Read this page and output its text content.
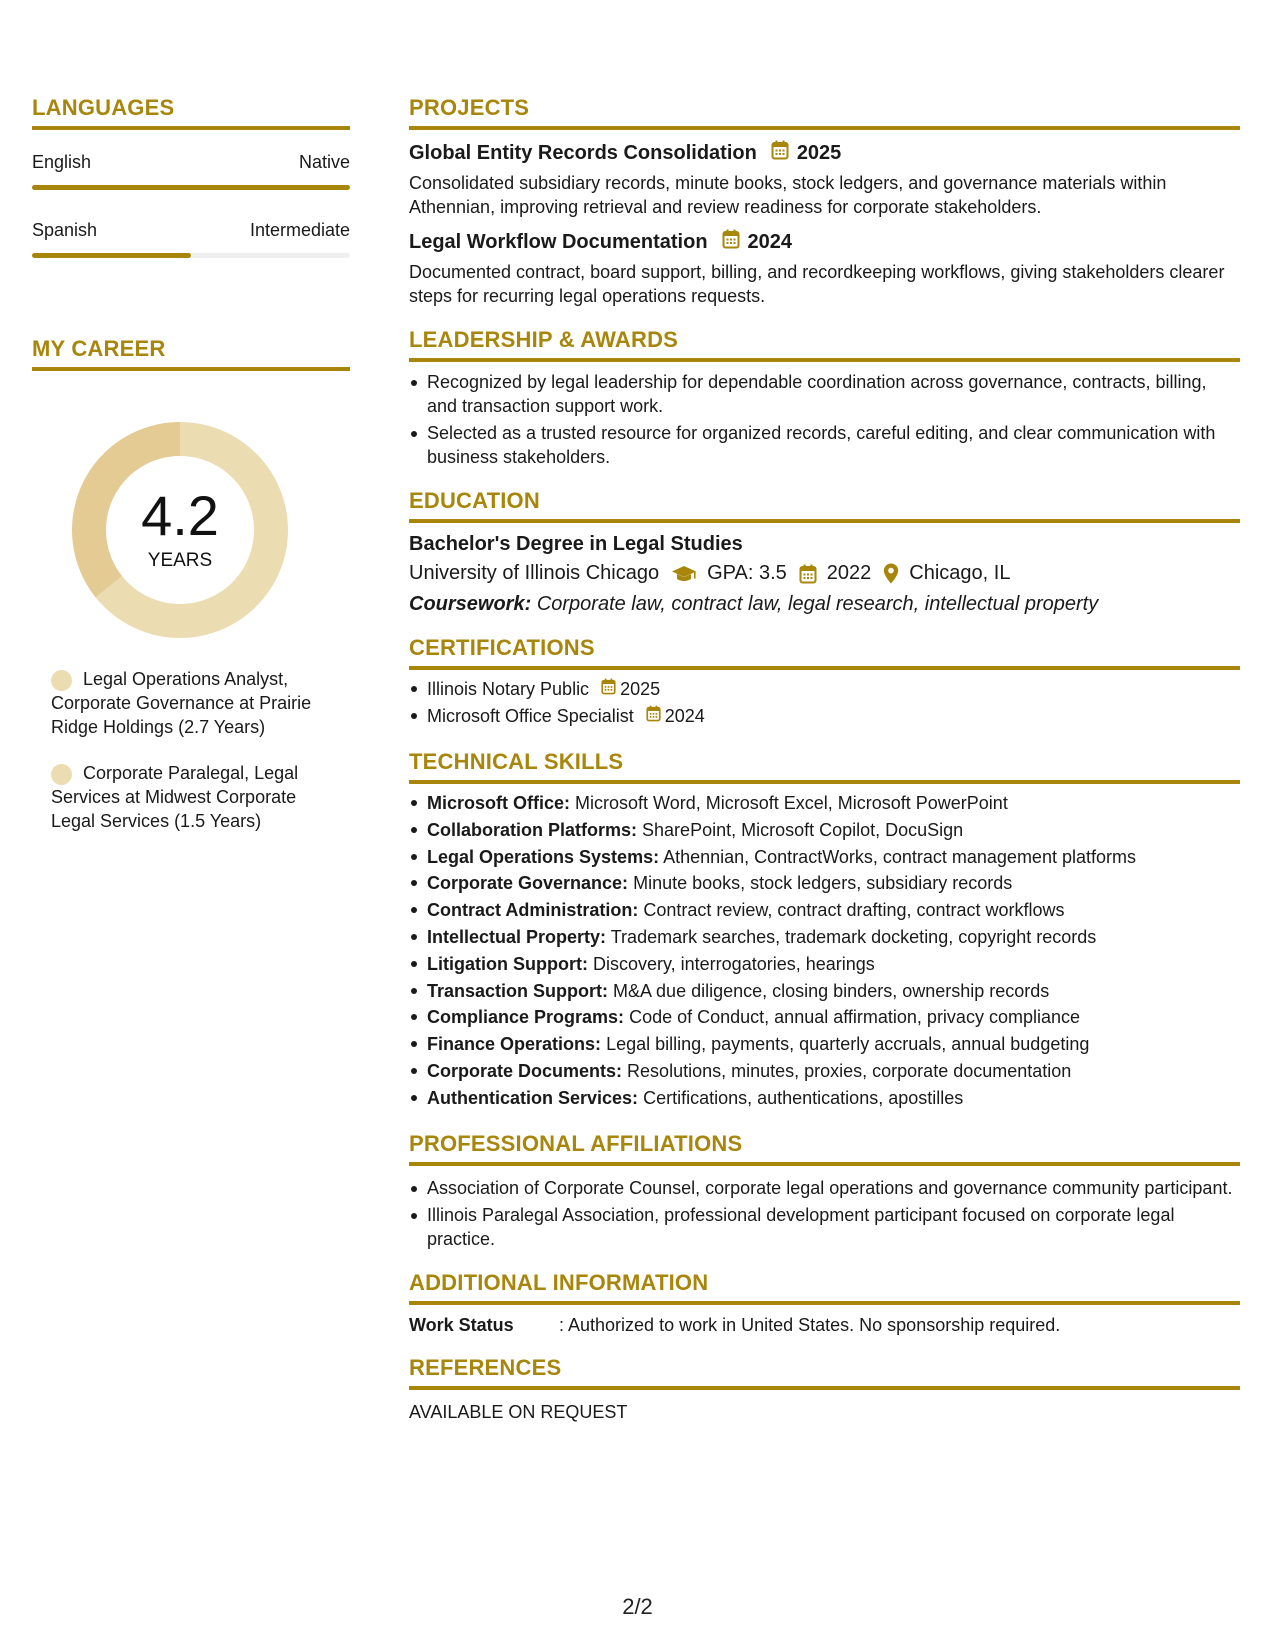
LANGUAGES
English	Native
Spanish	Intermediate
MY CAREER
4.2
YEARS
Legal Operations Analyst, Corporate Governance at Prairie Ridge Holdings (2.7 Years)
Corporate Paralegal, Legal Services at Midwest Corporate Legal Services (1.5 Years)
PROJECTS
Global Entity Records Consolidation 2025
Consolidated subsidiary records, minute books, stock ledgers, and governance materials within Athennian, improving retrieval and review readiness for corporate stakeholders.
Legal Workflow Documentation 2024
Documented contract, board support, billing, and recordkeeping workflows, giving stakeholders clearer steps for recurring legal operations requests.
LEADERSHIP & AWARDS
Recognized by legal leadership for dependable coordination across governance, contracts, billing, and transaction support work.
Selected as a trusted resource for organized records, careful editing, and clear communication with business stakeholders.
EDUCATION
Bachelor's Degree in Legal Studies
University of Illinois Chicago GPA: 3.5 2022 Chicago, IL
Coursework: Corporate law, contract law, legal research, intellectual property
CERTIFICATIONS
Illinois Notary Public 2025
Microsoft Office Specialist 2024
TECHNICAL SKILLS
Microsoft Office: Microsoft Word, Microsoft Excel, Microsoft PowerPoint
Collaboration Platforms: SharePoint, Microsoft Copilot, DocuSign
Legal Operations Systems: Athennian, ContractWorks, contract management platforms
Corporate Governance: Minute books, stock ledgers, subsidiary records
Contract Administration: Contract review, contract drafting, contract workflows
Intellectual Property: Trademark searches, trademark docketing, copyright records
Litigation Support: Discovery, interrogatories, hearings
Transaction Support: M&A due diligence, closing binders, ownership records
Compliance Programs: Code of Conduct, annual affirmation, privacy compliance
Finance Operations: Legal billing, payments, quarterly accruals, annual budgeting
Corporate Documents: Resolutions, minutes, proxies, corporate documentation
Authentication Services: Certifications, authentications, apostilles
PROFESSIONAL AFFILIATIONS
Association of Corporate Counsel, corporate legal operations and governance community participant.
Illinois Paralegal Association, professional development participant focused on corporate legal practice.
ADDITIONAL INFORMATION
Work Status	: Authorized to work in United States. No sponsorship required.
REFERENCES
AVAILABLE ON REQUEST
2/2
